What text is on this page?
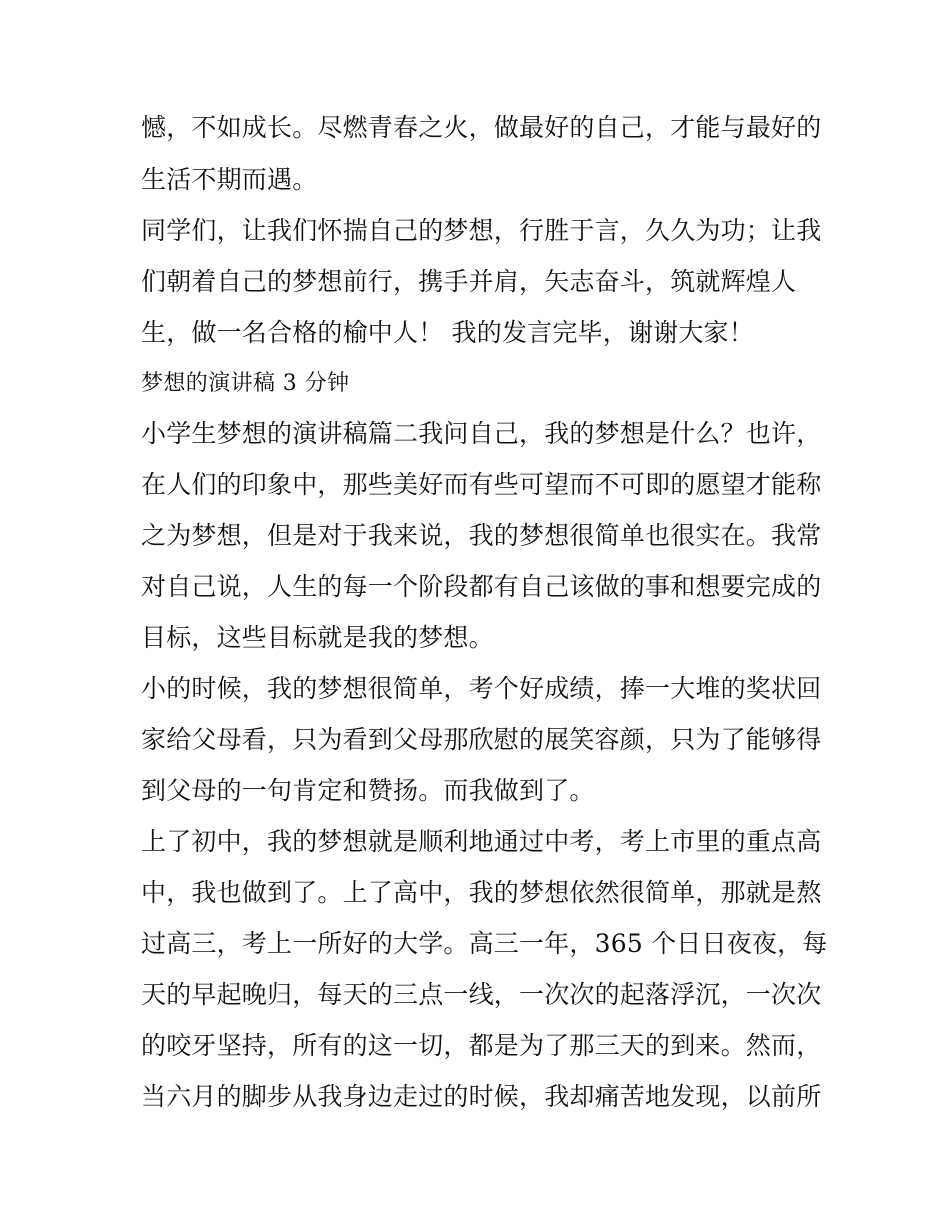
憾，不如成长。尽燃青春之火，做最好的自己，才能与最好的
生活不期而遇。
同学们，让我们怀揣自己的梦想，行胜于言，久久为功；让我
们朝着自己的梦想前行，携手并肩，矢志奋斗，筑就辉煌人
生，做一名合格的榆中人！ 我的发言完毕，谢谢大家！
梦想的演讲稿 3 分钟
小学生梦想的演讲稿篇二我问自己，我的梦想是什么？也许，
在人们的印象中，那些美好而有些可望而不可即的愿望才能称
之为梦想，但是对于我来说，我的梦想很简单也很实在。我常
对自己说，人生的每一个阶段都有自己该做的事和想要完成的
目标，这些目标就是我的梦想。
小的时候，我的梦想很简单，考个好成绩，捧一大堆的奖状回
家给父母看，只为看到父母那欣慰的展笑容颜，只为了能够得
到父母的一句肯定和赞扬。而我做到了。
上了初中，我的梦想就是顺利地通过中考，考上市里的重点高
中，我也做到了。上了高中，我的梦想依然很简单，那就是熬
过高三，考上一所好的大学。高三一年，365 个日日夜夜，每
天的早起晚归，每天的三点一线，一次次的起落浮沉，一次次
的咬牙坚持，所有的这一切，都是为了那三天的到来。然而，
当六月的脚步从我身边走过的时候，我却痛苦地发现，以前所
